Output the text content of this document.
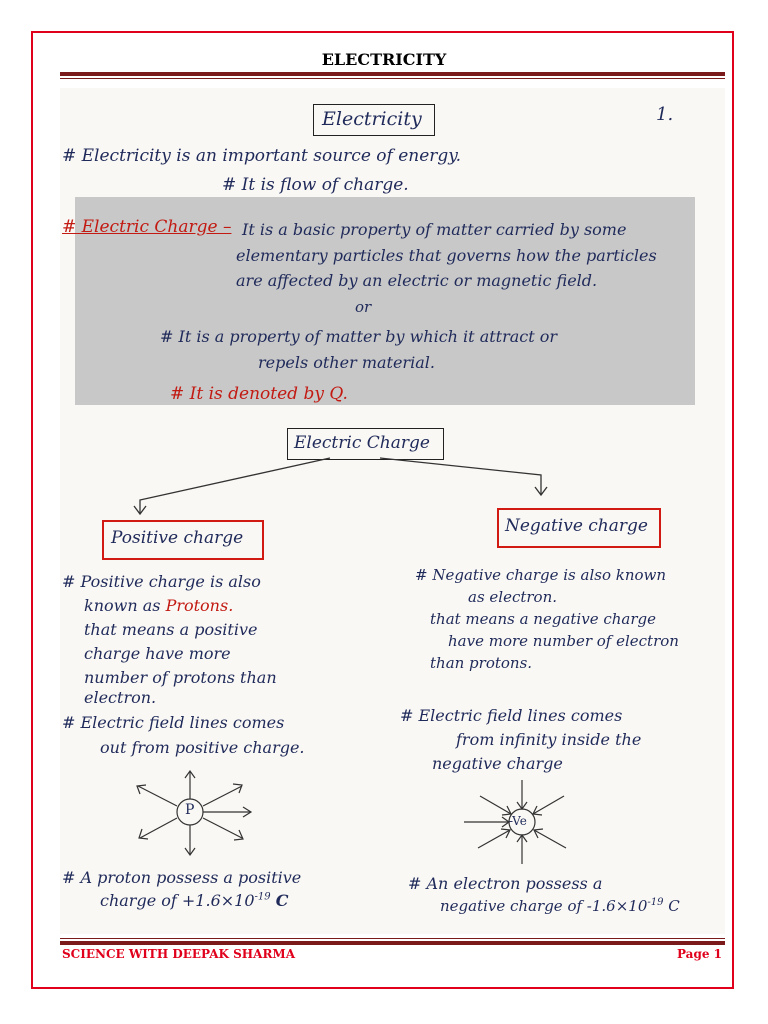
ELECTRICITY
Electricity	1.
# Electricity is an important source of energy.
# It is flow of charge.
# Electric Charge – It is a basic property of matter carried by some
elementary particles that governs how the particles
are affected by an electric or magnetic field.
or
# It is a property of matter by which it attract or
repels other material.
# It is denoted by Q.
Electric Charge
Positive charge
# Positive charge is also
known as Protons.
that means a positive
charge have more
number of protons than
electron.
# Electric field lines comes
out from positive charge.
P
# A proton possess a positive
charge of $+1.6\times 10^{-19}$ C
Negative charge
# Negative charge is also known
as electron.
that means a negative charge
have more number of electron
than protons.
# Electric field lines comes
from infinity inside the
negative charge
-Ve
# An electron possess a
negative charge of $-1.6\times 10^{-19}$ C
SCIENCE WITH DEEPAK SHARMA	Page 1
